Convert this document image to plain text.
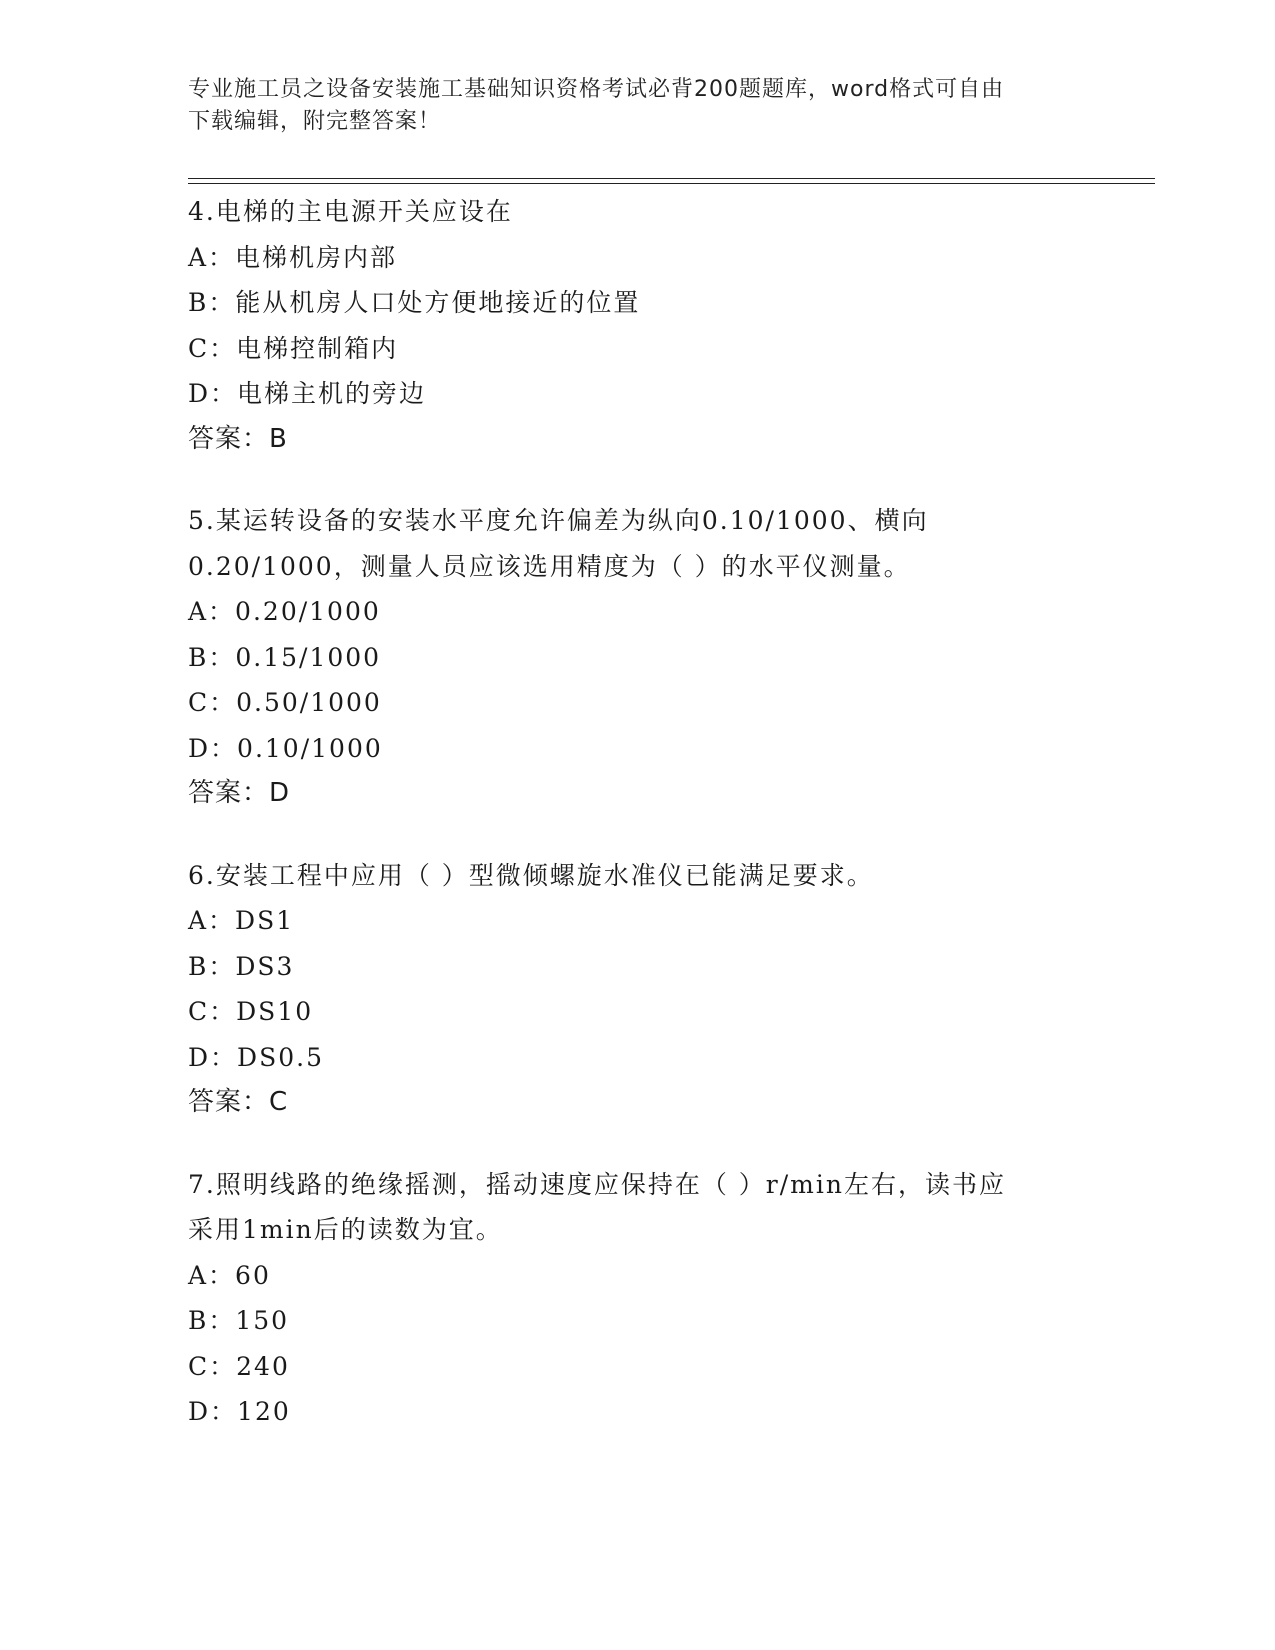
专业施工员之设备安装施工基础知识资格考试必背200题题库，word格式可自由
下载编辑，附完整答案！
4.电梯的主电源开关应设在
A：电梯机房内部
B：能从机房人口处方便地接近的位置
C：电梯控制箱内
D：电梯主机的旁边
答案：B
5.某运转设备的安装水平度允许偏差为纵向0.10/1000、横向
0.20/1000，测量人员应该选用精度为（ ）的水平仪测量。
A：0.20/1000
B：0.15/1000
C：0.50/1000
D：0.10/1000
答案：D
6.安装工程中应用（ ）型微倾螺旋水准仪已能满足要求。
A：DS1
B：DS3
C：DS10
D：DS0.5
答案：C
7.照明线路的绝缘摇测，摇动速度应保持在（ ）r/min左右，读书应
采用1min后的读数为宜。
A：60
B：150
C：240
D：120
